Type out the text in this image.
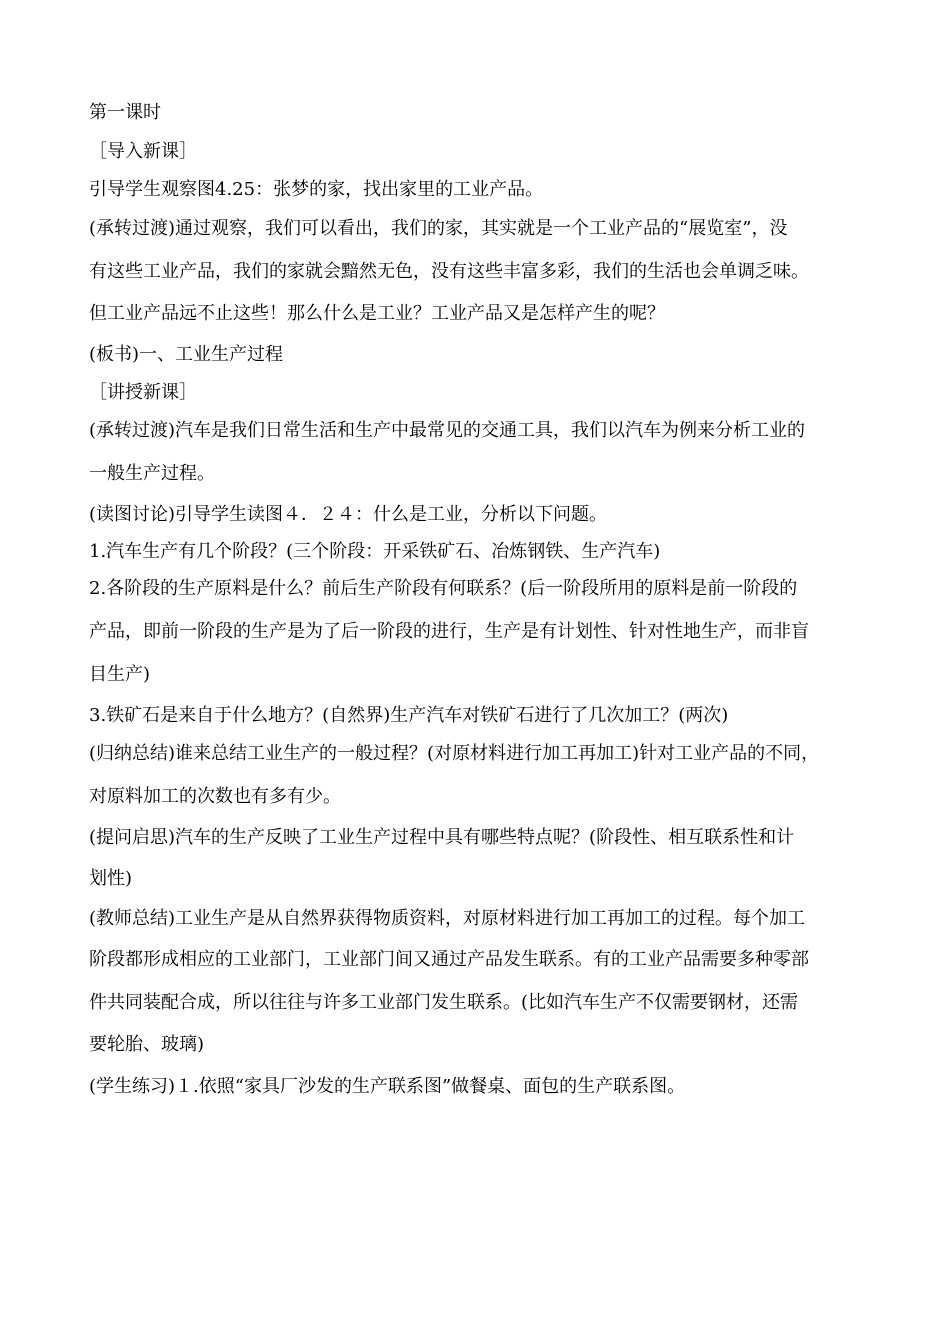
第一课时
［导入新课］
引导学生观察图4.25：张梦的家，找出家里的工业产品。
(承转过渡)通过观察，我们可以看出，我们的家，其实就是一个工业产品的“展览室”，没
有这些工业产品，我们的家就会黯然无色，没有这些丰富多彩，我们的生活也会单调乏味。
但工业产品远不止这些！那么什么是工业？工业产品又是怎样产生的呢？
(板书)一、工业生产过程
［讲授新课］
(承转过渡)汽车是我们日常生活和生产中最常见的交通工具，我们以汽车为例来分析工业的
一般生产过程。
(读图讨论)引导学生读图４．２４：什么是工业，分析以下问题。
1.汽车生产有几个阶段？(三个阶段：开采铁矿石、冶炼钢铁、生产汽车)
2.各阶段的生产原料是什么？前后生产阶段有何联系？(后一阶段所用的原料是前一阶段的
产品，即前一阶段的生产是为了后一阶段的进行，生产是有计划性、针对性地生产，而非盲
目生产)
3.铁矿石是来自于什么地方？(自然界)生产汽车对铁矿石进行了几次加工？(两次)
(归纳总结)谁来总结工业生产的一般过程？(对原材料进行加工再加工)针对工业产品的不同，
对原料加工的次数也有多有少。
(提问启思)汽车的生产反映了工业生产过程中具有哪些特点呢？(阶段性、相互联系性和计
划性)
(教师总结)工业生产是从自然界获得物质资料，对原材料进行加工再加工的过程。每个加工
阶段都形成相应的工业部门，工业部门间又通过产品发生联系。有的工业产品需要多种零部
件共同装配合成，所以往往与许多工业部门发生联系。(比如汽车生产不仅需要钢材，还需
要轮胎、玻璃)
(学生练习)１.依照“家具厂沙发的生产联系图”做餐桌、面包的生产联系图。
